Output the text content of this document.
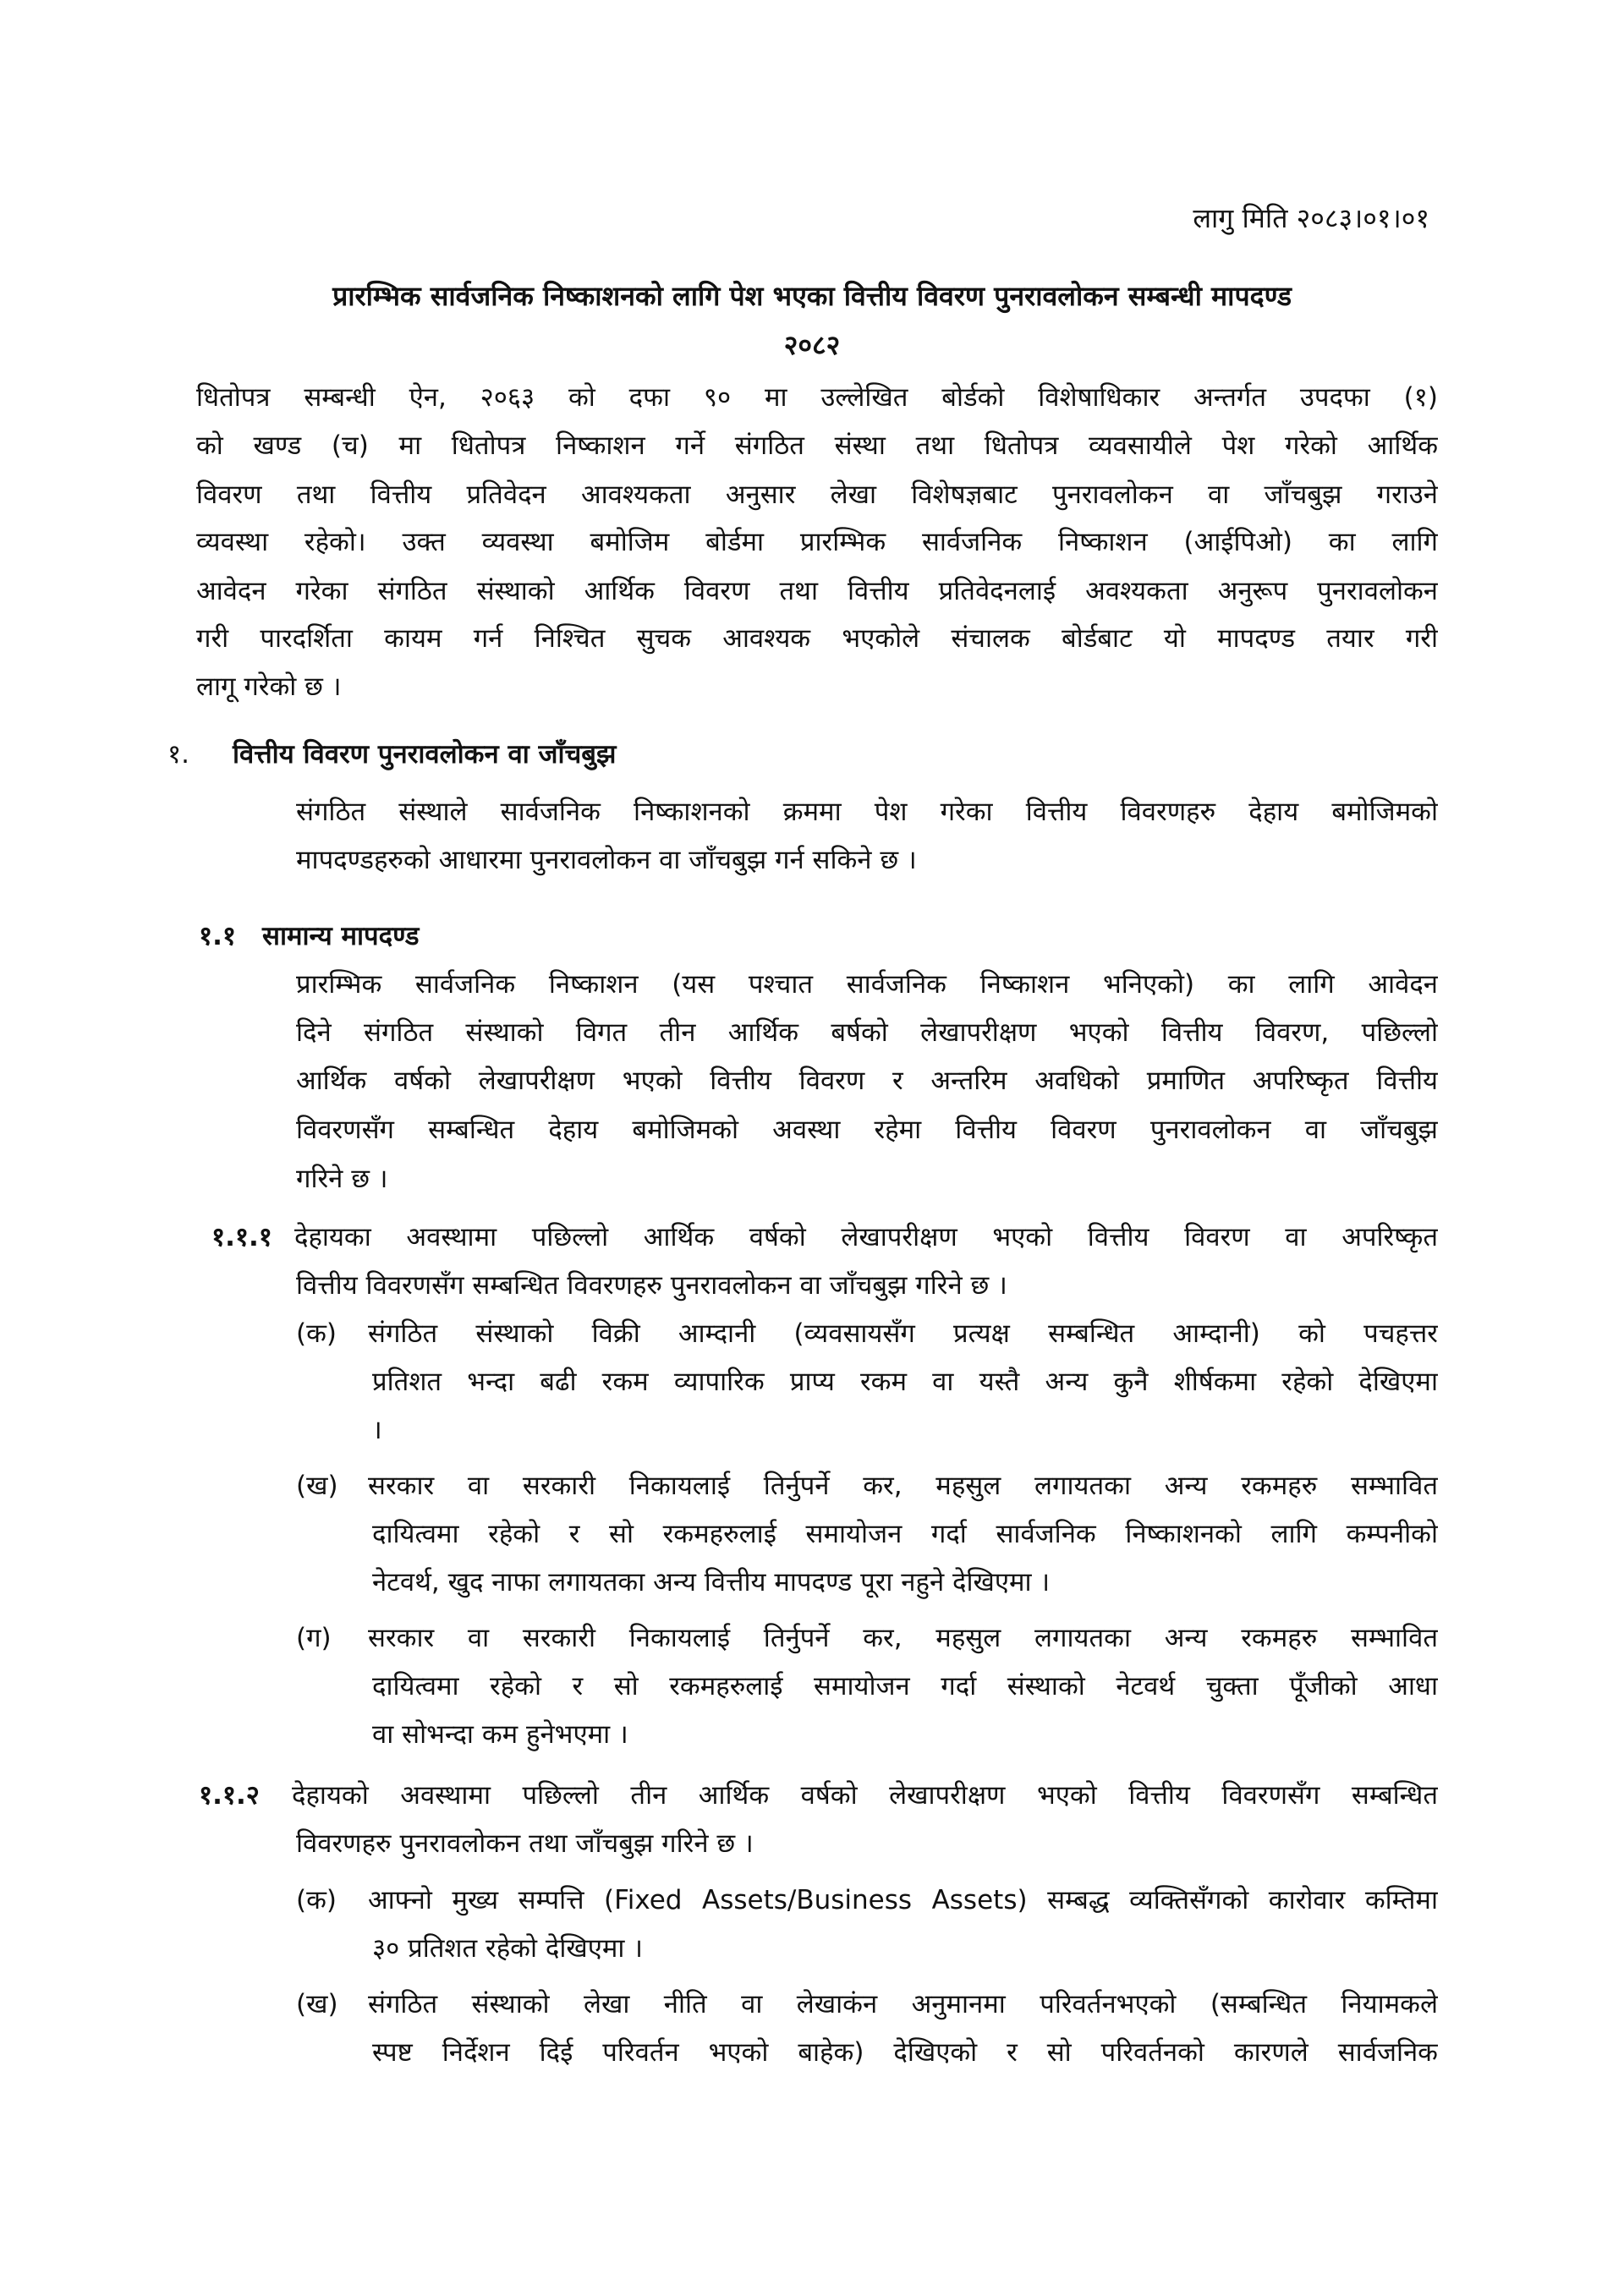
लागु मिति २०८३।०१।०१
प्रारम्भिक सार्वजनिक निष्काशनको लागि पेश भएका वित्तीय विवरण पुनरावलोकन सम्बन्धी मापदण्ड
२०८२
धितोपत्र सम्बन्धी ऐन, २०६३ को दफा ९० मा उल्लेखित बोर्डको विशेषाधिकार अन्तर्गत उपदफा (१)
को खण्ड (च) मा धितोपत्र निष्काशन गर्ने संगठित संस्था तथा धितोपत्र व्यवसायीले पेश गरेको आर्थिक
विवरण तथा वित्तीय प्रतिवेदन आवश्यकता अनुसार लेखा विशेषज्ञबाट पुनरावलोकन वा जाँचबुझ गराउने
व्यवस्था रहेको। उक्त व्यवस्था बमोजिम बोर्डमा प्रारम्भिक सार्वजनिक निष्काशन (आईपिओ) का लागि
आवेदन गरेका संगठित संस्थाको आर्थिक विवरण तथा वित्तीय प्रतिवेदनलाई अवश्यकता अनुरूप पुनरावलोकन
गरी पारदर्शिता कायम गर्न निश्चित सुचक आवश्यक भएकोले संचालक बोर्डबाट यो मापदण्ड तयार गरी
लागू गरेको छ ।
१. वित्तीय विवरण पुनरावलोकन वा जाँचबुझ
संगठित संस्थाले सार्वजनिक निष्काशनको क्रममा पेश गरेका वित्तीय विवरणहरु देहाय बमोजिमको
मापदण्डहरुको आधारमा पुनरावलोकन वा जाँचबुझ गर्न सकिने छ ।
१.१ सामान्य मापदण्ड
प्रारम्भिक सार्वजनिक निष्काशन (यस पश्चात सार्वजनिक निष्काशन भनिएको) का लागि आवेदन
दिने संगठित संस्थाको विगत तीन आर्थिक बर्षको लेखापरीक्षण भएको वित्तीय विवरण, पछिल्लो
आर्थिक वर्षको लेखापरीक्षण भएको वित्तीय विवरण र अन्तरिम अवधिको प्रमाणित अपरिष्कृत वित्तीय
विवरणसँग सम्बन्धित देहाय बमोजिमको अवस्था रहेमा वित्तीय विवरण पुनरावलोकन वा जाँचबुझ
गरिने छ ।
१.१.१ देहायका अवस्थामा पछिल्लो आर्थिक वर्षको लेखापरीक्षण भएको वित्तीय विवरण वा अपरिष्कृत
वित्तीय विवरणसँग सम्बन्धित विवरणहरु पुनरावलोकन वा जाँचबुझ गरिने छ ।
(क) संगठित संस्थाको विक्री आम्दानी (व्यवसायसँग प्रत्यक्ष सम्बन्धित आम्दानी) को पचहत्तर
प्रतिशत भन्दा बढी रकम व्यापारिक प्राप्य रकम वा यस्तै अन्य कुनै शीर्षकमा रहेको देखिएमा
।
(ख) सरकार वा सरकारी निकायलाई तिर्नुपर्ने कर, महसुल लगायतका अन्य रकमहरु सम्भावित
दायित्वमा रहेको र सो रकमहरुलाई समायोजन गर्दा सार्वजनिक निष्काशनको लागि कम्पनीको
नेटवर्थ, खुद नाफा लगायतका अन्य वित्तीय मापदण्ड पूरा नहुने देखिएमा ।
(ग) सरकार वा सरकारी निकायलाई तिर्नुपर्ने कर, महसुल लगायतका अन्य रकमहरु सम्भावित
दायित्वमा रहेको र सो रकमहरुलाई समायोजन गर्दा संस्थाको नेटवर्थ चुक्ता पूँजीको आधा
वा सोभन्दा कम हुनेभएमा ।
१.१.२ देहायको अवस्थामा पछिल्लो तीन आर्थिक वर्षको लेखापरीक्षण भएको वित्तीय विवरणसँग सम्बन्धित
विवरणहरु पुनरावलोकन तथा जाँचबुझ गरिने छ ।
(क) आफ्नो मुख्य सम्पत्ति (Fixed Assets/Business Assets) सम्बद्ध व्यक्तिसँगको कारोवार कम्तिमा
३० प्रतिशत रहेको देखिएमा ।
(ख) संगठित संस्थाको लेखा नीति वा लेखाकंन अनुमानमा परिवर्तनभएको (सम्बन्धित नियामकले
स्पष्ट निर्देशन दिई परिवर्तन भएको बाहेक) देखिएको र सो परिवर्तनको कारणले सार्वजनिक
